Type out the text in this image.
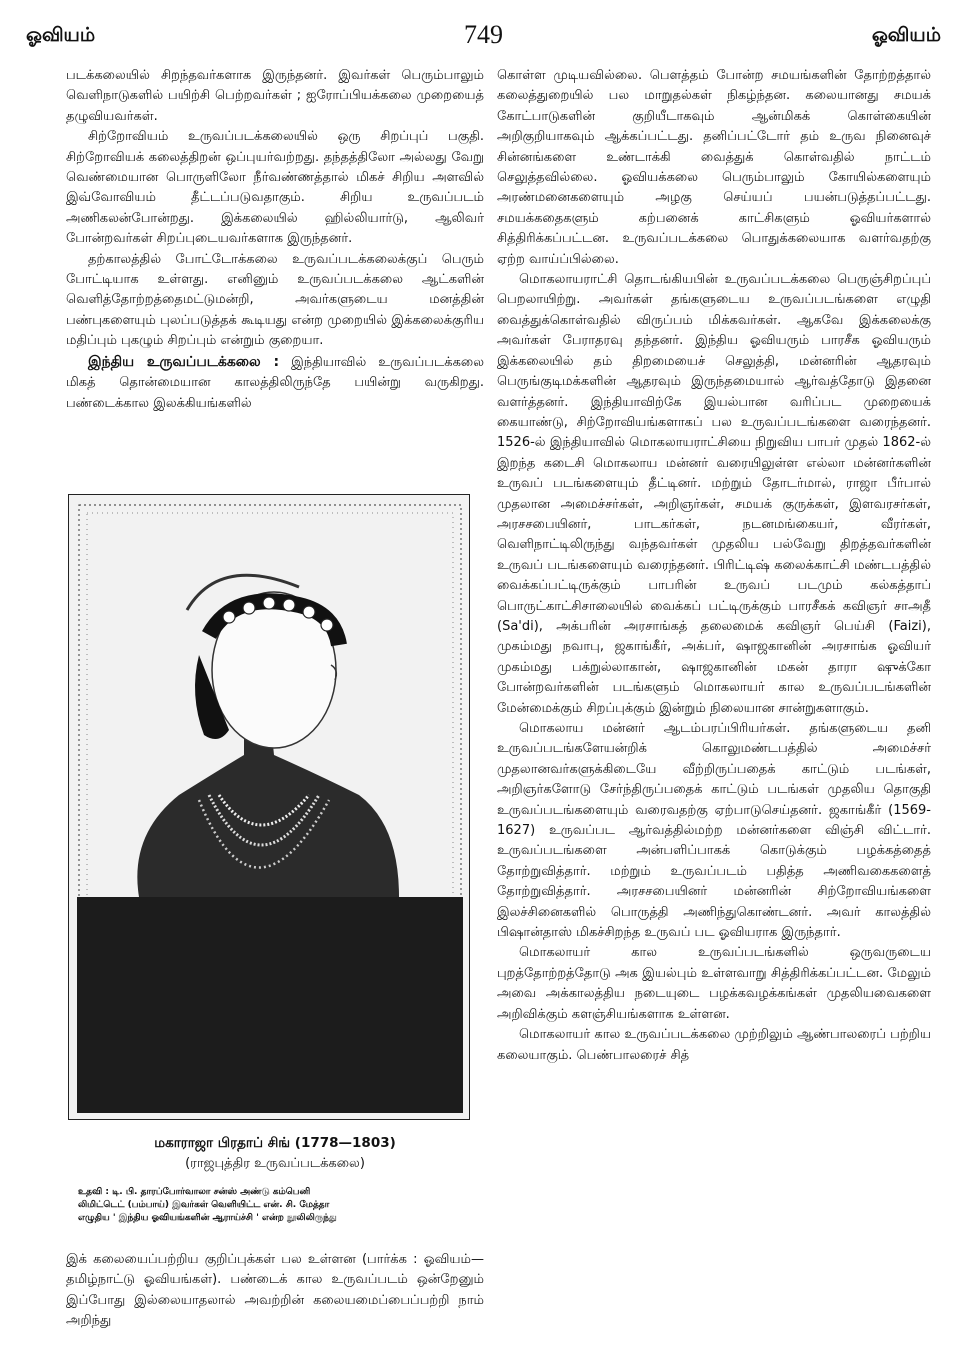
ஓவியம்	749	ஓவியம்

படக்கலையில் சிறந்தவர்களாக இருந்தனர். இவர்கள் பெரும்பாலும் வெளிநாடுகளில் பயிற்சி பெற்றவர்கள் ; ஐரோப்பியக்கலை முறையைத் தழுவியவர்கள்.

சிற்றோவியம் உருவப்படக்கலையில் ஒரு சிறப்புப் பகுதி. சிற்றோவியக் கலைத்திறன் ஒப்புயர்வற்றது. தந்தத்திலோ அல்லது வேறு வெண்மையான பொருளிலோ நீர்வண்ணத்தால் மிகச் சிறிய அளவில் இவ்வோவியம் தீட்டப்படுவதாகும். சிறிய உருவப்படம் அணிகலன்போன்றது. இக்கலையில் ஹில்லியார்டு, ஆலிவர் போன்றவர்கள் சிறப்புடையவர்களாக இருந்தனர்.

தற்காலத்தில் போட்டோக்கலை உருவப்படக்கலைக்குப் பெரும் போட்டியாக உள்ளது. எனினும் உருவப்படக்கலை ஆட்களின் வெளித்தோற்றத்தைமட்டுமன்றி, அவர்களுடைய மனத்தின் பண்புகளையும் புலப்படுத்தக் கூடியது என்ற முறையில் இக்கலைக்குரிய மதிப்பும் புகழும் சிறப்பும் என்றும் குறையா.

இந்திய உருவப்படக்கலை : இந்தியாவில் உருவப்படக்கலை மிகத் தொன்மையான காலத்திலிருந்தே பயின்று வருகிறது. பண்டைக்கால இலக்கியங்களில்

மகாராஜா பிரதாப் சிங் (1778—1803)
(ராஜபுத்திர உருவப்படக்கலை)
உதவி : டி. பி. தாரப்போர்வாலா சன்ஸ் அண்டு கம்பெனி
லிமிட்டெட் (பம்பாய்) இவர்கள் வெளியிட்ட என். சி. மேத்தா
எழுதிய ' இந்திய ஓவியங்களின் ஆராய்ச்சி ' என்ற நூலிலிருந்து

இக் கலையைப்பற்றிய குறிப்புக்கள் பல உள்ளன (பார்க்க : ஓவியம்—தமிழ்நாட்டு ஓவியங்கள்). பண்டைக் கால உருவப்படம் ஒன்றேனும் இப்போது இல்லையாதலால் அவற்றின் கலையமைப்பைப்பற்றி நாம் அறிந்து

கொள்ள முடியவில்லை. பௌத்தம் போன்ற சமயங்களின் தோற்றத்தால் கலைத்துறையில் பல மாறுதல்கள் நிகழ்ந்தன. கலையானது சமயக் கோட்பாடுகளின் குறியீடாகவும் ஆன்மிகக் கொள்கையின் அறிகுறியாகவும் ஆக்கப்பட்டது. தனிப்பட்டோர் தம் உருவ நினைவுச் சின்னங்களை உண்டாக்கி வைத்துக் கொள்வதில் நாட்டம் செலுத்தவில்லை. ஓவியக்கலை பெரும்பாலும் கோயில்களையும் அரண்மனைகளையும் அழகு செய்யப் பயன்படுத்தப்பட்டது. சமயக்கதைகளும் கற்பனைக் காட்சிகளும் ஓவியர்களால் சித்திரிக்கப்பட்டன. உருவப்படக்கலை பொதுக்கலையாக வளர்வதற்கு ஏற்ற வாய்ப்பில்லை.

மொகலாயராட்சி தொடங்கியபின் உருவப்படக்கலை பெருஞ்சிறப்புப் பெறலாயிற்று. அவர்கள் தங்களுடைய உருவப்படங்களை எழுதி வைத்துக்கொள்வதில் விருப்பம் மிக்கவர்கள். ஆகவே இக்கலைக்கு அவர்கள் பேராதரவு தந்தனர். இந்திய ஓவியரும் பாரசீக ஓவியரும் இக்கலையில் தம் திறமையைச் செலுத்தி, மன்னரின் ஆதரவும் பெருங்குடிமக்களின் ஆதரவும் இருந்தமையால் ஆர்வத்தோடு இதனை வளர்த்தனர். இந்தியாவிற்கே இயல்பான வரிப்பட முறையைக் கையாண்டு, சிற்றோவியங்களாகப் பல உருவப்படங்களை வரைந்தனர். 1526-ல் இந்தியாவில் மொகலாயராட்சியை நிறுவிய பாபர் முதல் 1862-ல் இறந்த கடைசி மொகலாய மன்னர் வரையிலுள்ள எல்லா மன்னர்களின் உருவப் படங்களையும் தீட்டினர். மற்றும் தோடர்மால், ராஜா பீர்பால் முதலான அமைச்சர்கள், அறிஞர்கள், சமயக் குருக்கள், இளவரசர்கள், அரசசபையினர், பாடகர்கள், நடனமங்கையர், வீரர்கள், வெளிநாட்டிலிருந்து வந்தவர்கள் முதலிய பல்வேறு திறத்தவர்களின் உருவப் படங்களையும் வரைந்தனர். பிரிட்டிஷ் கலைக்காட்சி மண்டபத்தில் வைக்கப்பட்டிருக்கும் பாபரின் உருவப் படமும் கல்கத்தாப் பொருட்காட்சிசாலையில் வைக்கப் பட்டிருக்கும் பாரசீகக் கவிஞர் சாஅதீ (Sa'di), அக்பரின் அரசாங்கத் தலைமைக் கவிஞர் பெய்சி (Faizi), முகம்மது நவாபு, ஜகாங்கீர், அக்பர், ஷாஜகானின் அரசாங்க ஓவியர் முகம்மது பக்றுல்லாகான், ஷாஜகானின் மகன் தாரா ஷுக்கோ போன்றவர்களின் படங்களும் மொகலாயர் கால உருவப்படங்களின் மேன்மைக்கும் சிறப்புக்கும் இன்றும் நிலையான சான்றுகளாகும்.

மொகலாய மன்னர் ஆடம்பரப்பிரியர்கள். தங்களுடைய தனி உருவப்படங்களேயன்றிக் கொலுமண்டபத்தில் அமைச்சர் முதலானவர்களுக்கிடையே வீற்றிருப்பதைக் காட்டும் படங்கள், அறிஞர்களோடு சேர்ந்திருப்பதைக் காட்டும் படங்கள் முதலிய தொகுதி உருவப்படங்களையும் வரைவதற்கு ஏற்பாடுசெய்தனர். ஜகாங்கீர் (1569-1627) உருவப்பட ஆர்வத்தில்மற்ற மன்னர்களை விஞ்சி விட்டார். உருவப்படங்களை அன்பளிப்பாகக் கொடுக்கும் பழக்கத்தைத் தோற்றுவித்தார். மற்றும் உருவப்படம் பதித்த அணிவகைகளைத் தோற்றுவித்தார். அரசசபையினர் மன்னரின் சிற்றோவியங்களை இலச்சினைகளில் பொருத்தி அணிந்துகொண்டனர். அவர் காலத்தில் பிஷான்தாஸ் மிகச்சிறந்த உருவப் பட ஓவியராக இருந்தார்.

மொகலாயர் கால உருவப்படங்களில் ஒருவருடைய புறத்தோற்றத்தோடு அக இயல்பும் உள்ளவாறு சித்திரிக்கப்பட்டன. மேலும் அவை அக்காலத்திய நடையுடை பழக்கவழக்கங்கள் முதலியவைகளை அறிவிக்கும் களஞ்சியங்களாக உள்ளன.

மொகலாயர் கால உருவப்படக்கலை முற்றிலும் ஆண்பாலரைப் பற்றிய கலையாகும். பெண்பாலரைச் சித்
